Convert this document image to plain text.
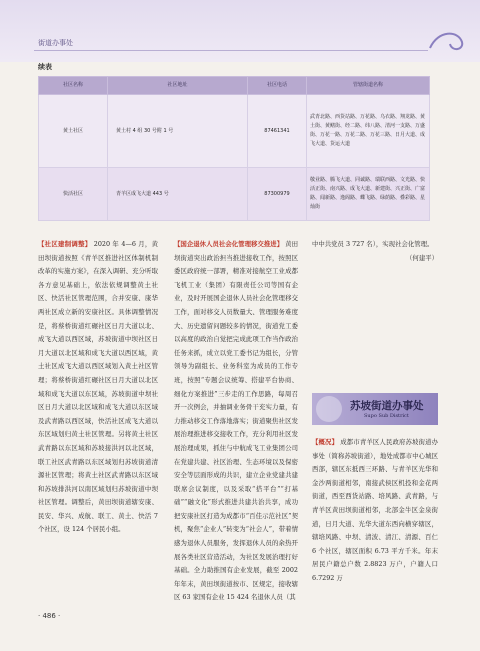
街道办事处
续表
社区名称	社区地址	社区电话	管辖街道名称
黄土社区	黄土村 4 组 30 号附 1 号	87461341	武青北路、西货站路、万花路、乌衣路、翔龙路、黄土街、黄鳝街、经二路、纬八路、清河一支路、万盛街、万花一路、万花二路、万花三路、日月大道、成飞大道、货运大道
快活社区	青羊区成飞大道 443 号	87300979	敬业路、腾飞大道、同诚路、瑞联西路、文光路、快活正街、南兴路、成飞大道、新建街、兴正街、广富路、闻新路、逸阁路、蝶飞路、绿荫路、叠彩路、星灿街
【社区建制调整】 2020 年 4—6 月，黄田坝街道按照《青羊区推进社区体制机制改革的实施方案》，在深入调研、充分听取各方意见基础上，依法依规调整黄土社区、快活社区管理范围，合并安康、康华两社区成立新的安康社区。具体调整情况是，将蔡桥街道红碾社区日月大道以北、成飞大道以西区域，苏坡街道中坝社区日月大道以北区域和成飞大道以西区域，黄土社区成飞大道以西区域划入黄土社区管理；将蔡桥街道红碾社区日月大道以北区域和成飞大道以东区域，苏坡街道中坝社区日月大道以北区域和成飞大道以东区域及武青路以西区域，快活社区成飞大道以东区域划归黄土社区管理。另将黄土社区武青路以东区域和苏坡接洪河以北区域，联工社区武青路以东区域划归苏坡街道清源社区管理；将黄土社区武青路以东区域和苏坡排洪河以南区域划归苏坡街道中坝社区管理。调整后，黄田坝街道辖安康、民安、华兴、成航、联工、黄土、快活 7 个社区，设 124 个居民小组。
【国企退休人员社会化管理移交推进】 黄田坝街道突出政治担当推进接收工作，按照区委区政府统一部署，精准对接航空工业成都飞机工业（集团）有限责任公司等国有企业，及时开展国企退休人员社会化管理移交工作，面对移交人员数量大、管理服务难度大、历史遗留问题较多的情况，街道党工委以高度的政治自觉把完成此项工作当作政治任务来抓，成立以党工委书记为组长，分管领导为副组长、业务科室为成员的工作专班，按照“专题会议统筹、搭建平台协商、细化方案推进”三步走的工作思路，每周召开一次例会，并抽调业务骨干充实力量，有力推动移交工作落地落实；街道聚焦社区发展治理推进移交接收工作，充分利用社区发展治理成果，抓住与中航成飞工业集团公司在党建共建、社区治理、生态环境以及保密安全等层面形成的共识，建立企业党建共建联席会议制度，以及采取“搭平台”“打基础”“融文化”形式推进共建共治共享，成功把安康社区打造为成都市“百佳示范社区”契机，聚焦“企业人”转变为“社会人”，带着情感为退休人员服务，发挥退休人员的余热开展各类社区营造活动，为社区发展治理打好基础。全力助推国有企业发展，截至 2002 年年末，黄田坝街道按市、区规定，接收辖区 63 家国有企业 15 424 名退休人员（其
中中共党员 3 727 名），实现社会化管理。
（何建平）
苏坡街道办事处
Supo Sub District
【概况】 成都市青羊区人民政府苏坡街道办事处（简称苏坡街道），地处成都市中心城区西部，辖区东抵西三环路、与青羊区光华和金沙两街道相邻，南接武侯区机投和金花两街道，西至西货站路、培风路、武青路，与青羊区黄田坝街道相邻，北部金牛区金泉街道，日月大道、光华大道东西向横穿辖区，辖培风路、中坝、清波、清江、清源、百仁 6 个社区，辖区面积 6.73 平方千米。年末居民户籍总户数 2.8823 万户，户籍人口 6.7292 万
· 486 ·
